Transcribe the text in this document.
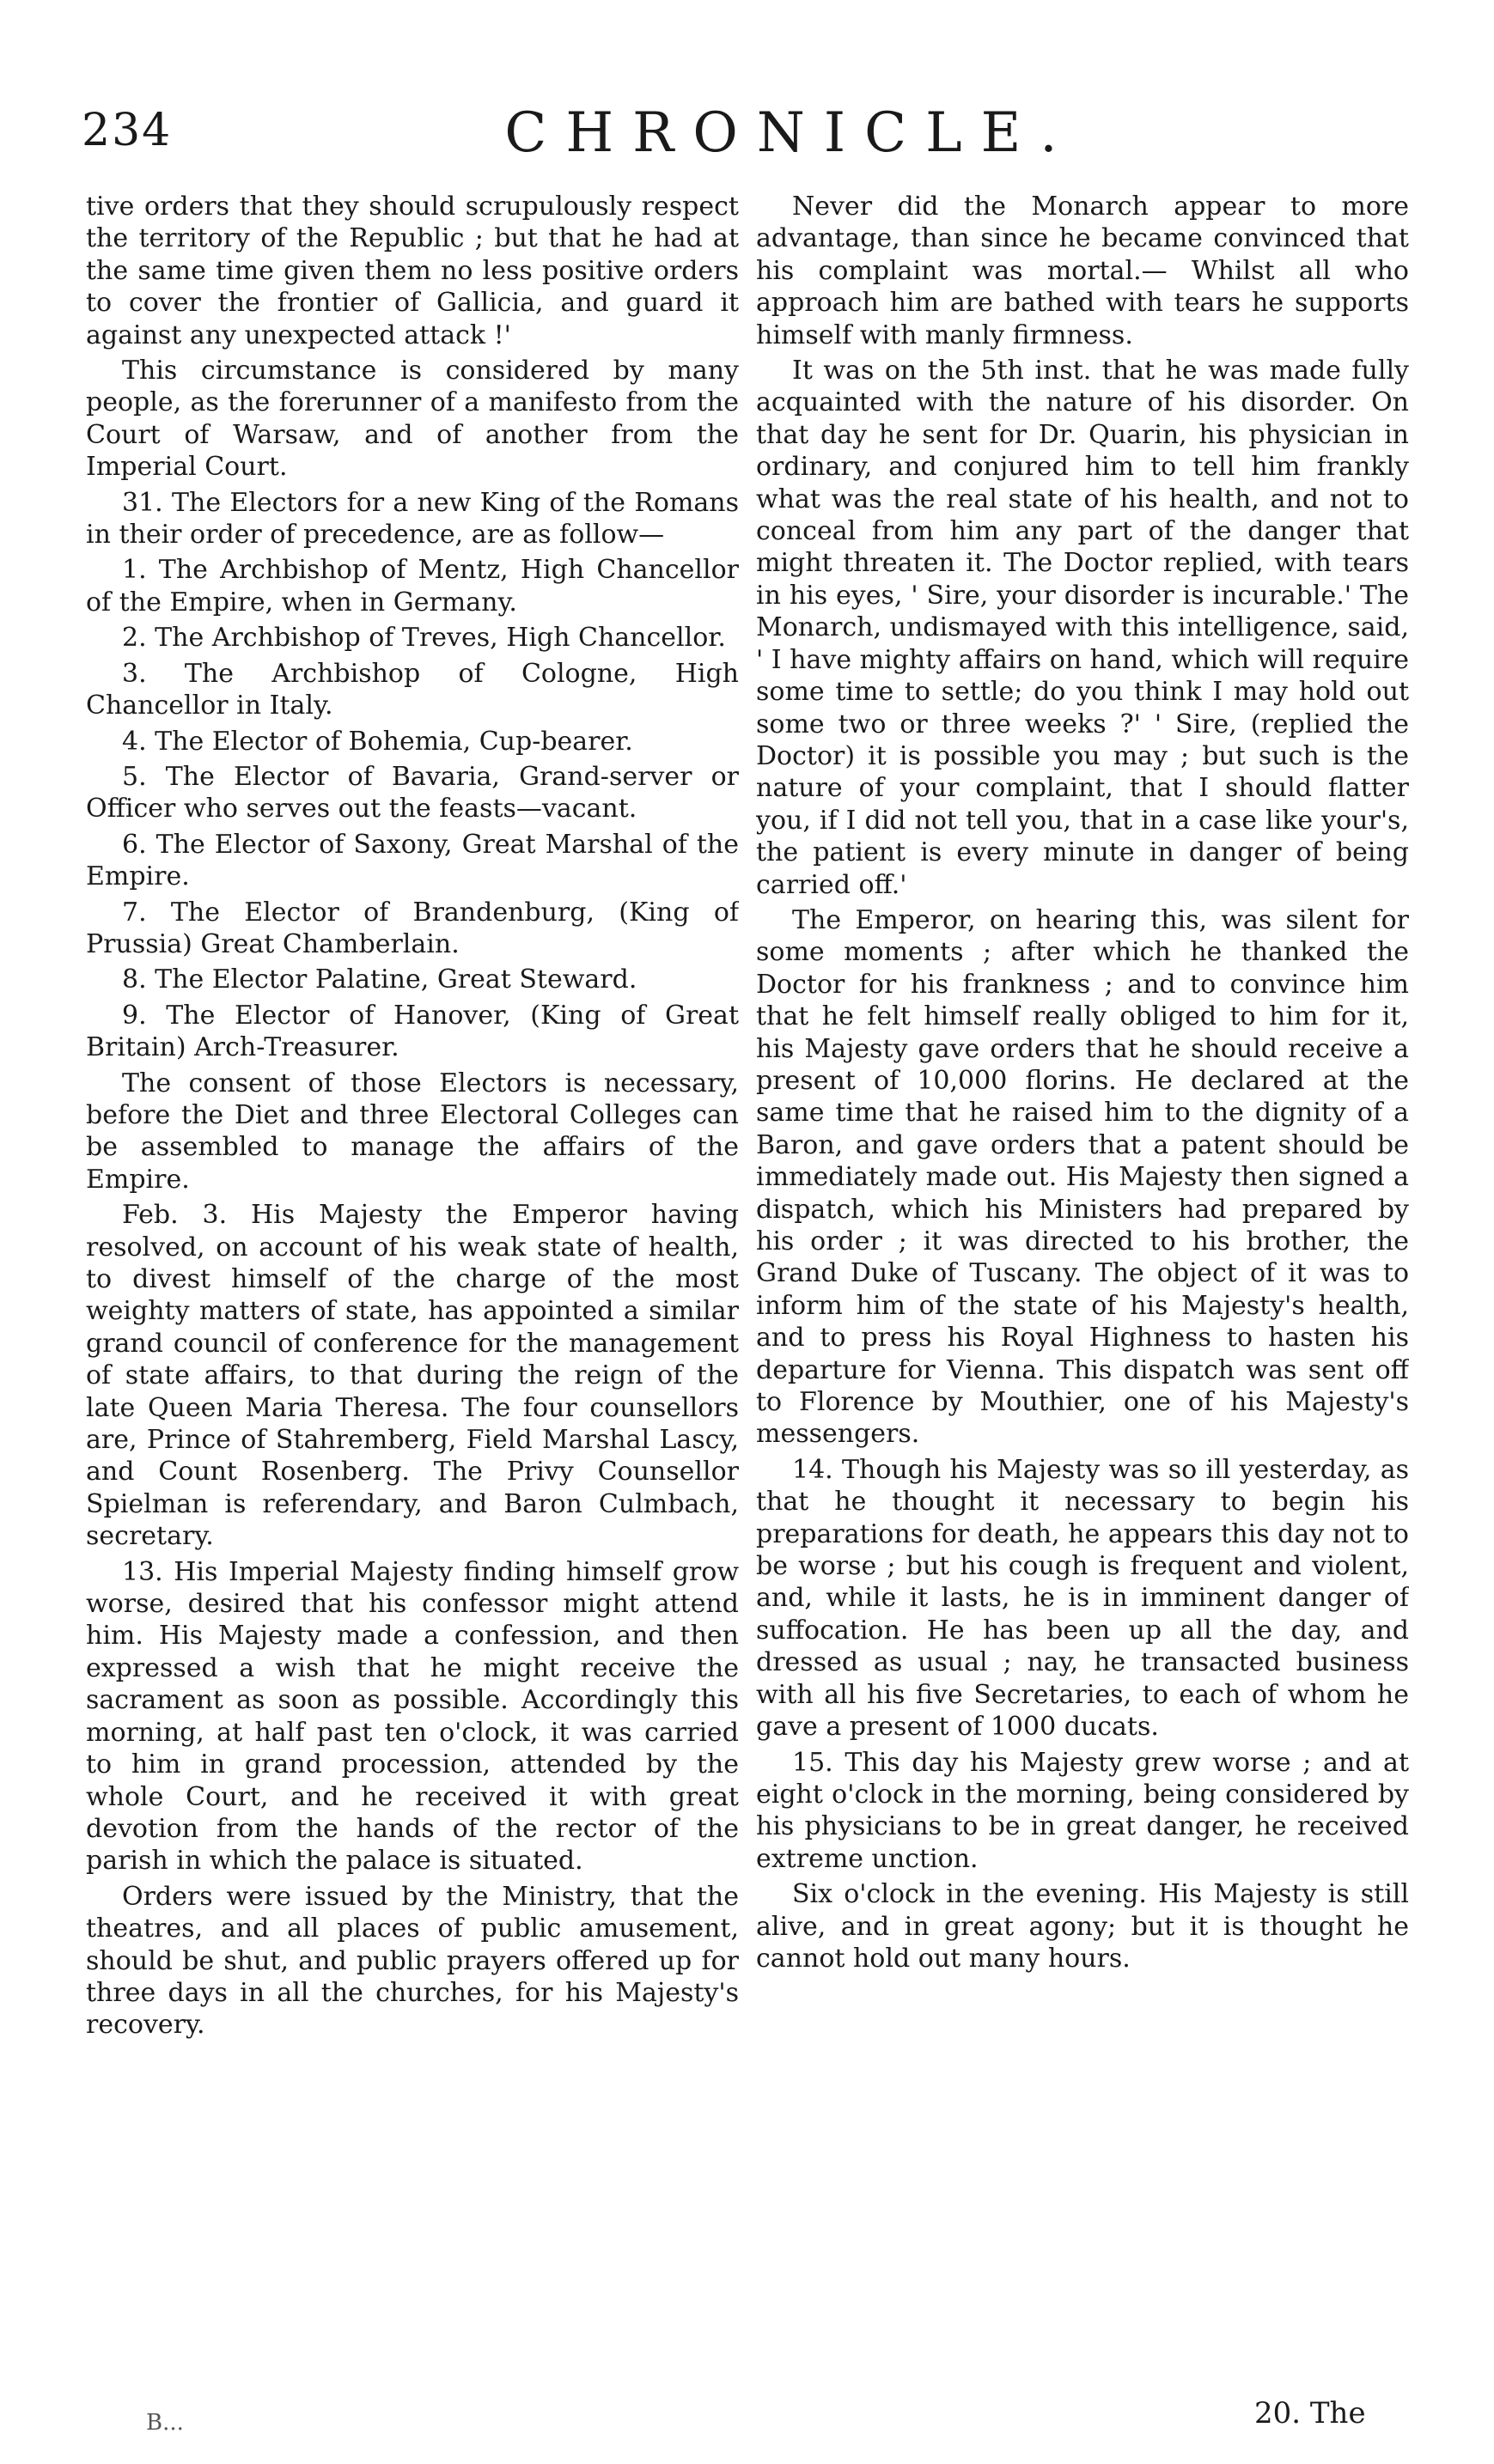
234	CHRONICLE.

tive orders that they should scrupulously respect the territory of the Republic ; but that he had at the same time given them no less positive orders to cover the frontier of Gallicia, and guard it against any unexpected attack !'

This circumstance is considered by many people, as the forerunner of a manifesto from the Court of Warsaw, and of another from the Imperial Court.

31. The Electors for a new King of the Romans in their order of precedence, are as follow—

1. The Archbishop of Mentz, High Chancellor of the Empire, when in Germany.

2. The Archbishop of Treves, High Chancellor.

3. The Archbishop of Cologne, High Chancellor in Italy.

4. The Elector of Bohemia, Cup-bearer.

5. The Elector of Bavaria, Grand-server or Officer who serves out the feasts—vacant.

6. The Elector of Saxony, Great Marshal of the Empire.

7. The Elector of Brandenburg, (King of Prussia) Great Chamberlain.

8. The Elector Palatine, Great Steward.

9. The Elector of Hanover, (King of Great Britain) Arch-Treasurer.

The consent of those Electors is necessary, before the Diet and three Electoral Colleges can be assembled to manage the affairs of the Empire.

Feb. 3. His Majesty the Emperor having resolved, on account of his weak state of health, to divest himself of the charge of the most weighty matters of state, has appointed a similar grand council of conference for the management of state affairs, to that during the reign of the late Queen Maria Theresa. The four counsellors are, Prince of Stahremberg, Field Marshal Lascy, and Count Rosenberg. The Privy Counsellor Spielman is referendary, and Baron Culmbach, secretary.

13. His Imperial Majesty finding himself grow worse, desired that his confessor might attend him. His Majesty made a confession, and then expressed a wish that he might receive the sacrament as soon as possible. Accordingly this morning, at half past ten o'clock, it was carried to him in grand procession, attended by the whole Court, and he received it with great devotion from the hands of the rector of the parish in which the palace is situated.

Orders were issued by the Ministry, that the theatres, and all places of public amusement, should be shut, and public prayers offered up for three days in all the churches, for his Majesty's recovery.

Never did the Monarch appear to more advantage, than since he became convinced that his complaint was mortal.— Whilst all who approach him are bathed with tears he supports himself with manly firmness.

It was on the 5th inst. that he was made fully acquainted with the nature of his disorder. On that day he sent for Dr. Quarin, his physician in ordinary, and conjured him to tell him frankly what was the real state of his health, and not to conceal from him any part of the danger that might threaten it. The Doctor replied, with tears in his eyes, ' Sire, your disorder is incurable.' The Monarch, undismayed with this intelligence, said, ' I have mighty affairs on hand, which will require some time to settle; do you think I may hold out some two or three weeks ?' ' Sire, (replied the Doctor) it is possible you may ; but such is the nature of your complaint, that I should flatter you, if I did not tell you, that in a case like your's, the patient is every minute in danger of being carried off.'

The Emperor, on hearing this, was silent for some moments ; after which he thanked the Doctor for his frankness ; and to convince him that he felt himself really obliged to him for it, his Majesty gave orders that he should receive a present of 10,000 florins. He declared at the same time that he raised him to the dignity of a Baron, and gave orders that a patent should be immediately made out. His Majesty then signed a dispatch, which his Ministers had prepared by his order ; it was directed to his brother, the Grand Duke of Tuscany. The object of it was to inform him of the state of his Majesty's health, and to press his Royal Highness to hasten his departure for Vienna. This dispatch was sent off to Florence by Mouthier, one of his Majesty's messengers.

14. Though his Majesty was so ill yesterday, as that he thought it necessary to begin his preparations for death, he appears this day not to be worse ; but his cough is frequent and violent, and, while it lasts, he is in imminent danger of suffocation. He has been up all the day, and dressed as usual ; nay, he transacted business with all his five Secretaries, to each of whom he gave a present of 1000 ducats.

15. This day his Majesty grew worse ; and at eight o'clock in the morning, being considered by his physicians to be in great danger, he received extreme unction.

Six o'clock in the evening. His Majesty is still alive, and in great agony; but it is thought he cannot hold out many hours.

B...	20. The
